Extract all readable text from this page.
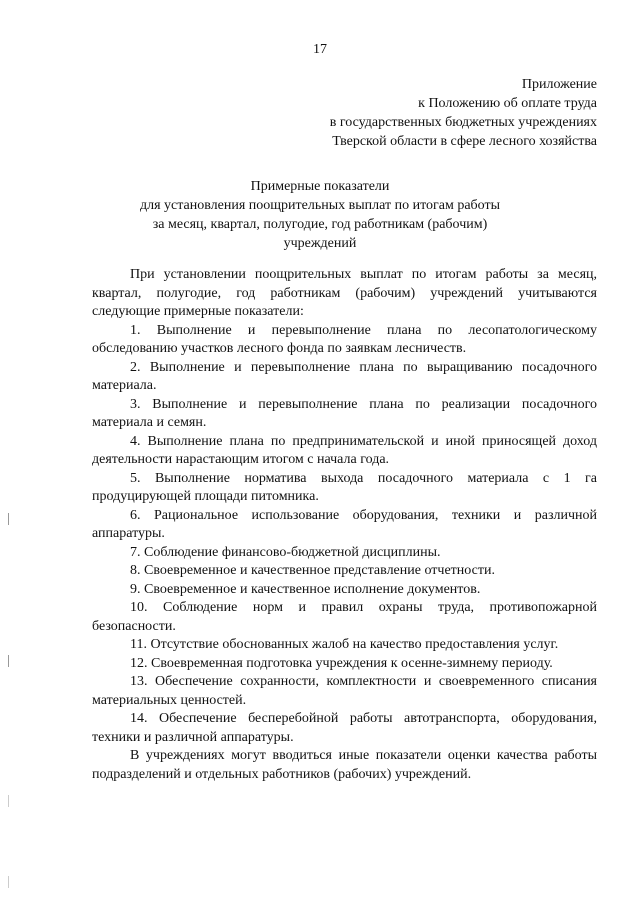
17
Приложение
к Положению об оплате труда
в государственных бюджетных учреждениях
Тверской области в сфере лесного хозяйства
Примерные показатели
для установления поощрительных выплат по итогам работы
за месяц, квартал, полугодие, год работникам (рабочим)
учреждений

При установлении поощрительных выплат по итогам работы за месяц, квартал, полугодие, год работникам (рабочим) учреждений учитываются следующие примерные показатели:

1. Выполнение и перевыполнение плана по лесопатологическому обследованию участков лесного фонда по заявкам лесничеств.

2. Выполнение и перевыполнение плана по выращиванию посадочного материала.

3. Выполнение и перевыполнение плана по реализации посадочного материала и семян.

4. Выполнение плана по предпринимательской и иной приносящей доход деятельности нарастающим итогом с начала года.

5. Выполнение норматива выхода посадочного материала с 1 га продуцирующей площади питомника.

6. Рациональное использование оборудования, техники и различной аппаратуры.

7. Соблюдение финансово-бюджетной дисциплины.

8. Своевременное и качественное представление отчетности.

9. Своевременное и качественное исполнение документов.

10. Соблюдение норм и правил охраны труда, противопожарной безопасности.

11. Отсутствие обоснованных жалоб на качество предоставления услуг.

12. Своевременная подготовка учреждения к осенне-зимнему периоду.

13. Обеспечение сохранности, комплектности и своевременного списания материальных ценностей.

14. Обеспечение бесперебойной работы автотранспорта, оборудования, техники и различной аппаратуры.

В учреждениях могут вводиться иные показатели оценки качества работы подразделений и отдельных работников (рабочих) учреждений.
